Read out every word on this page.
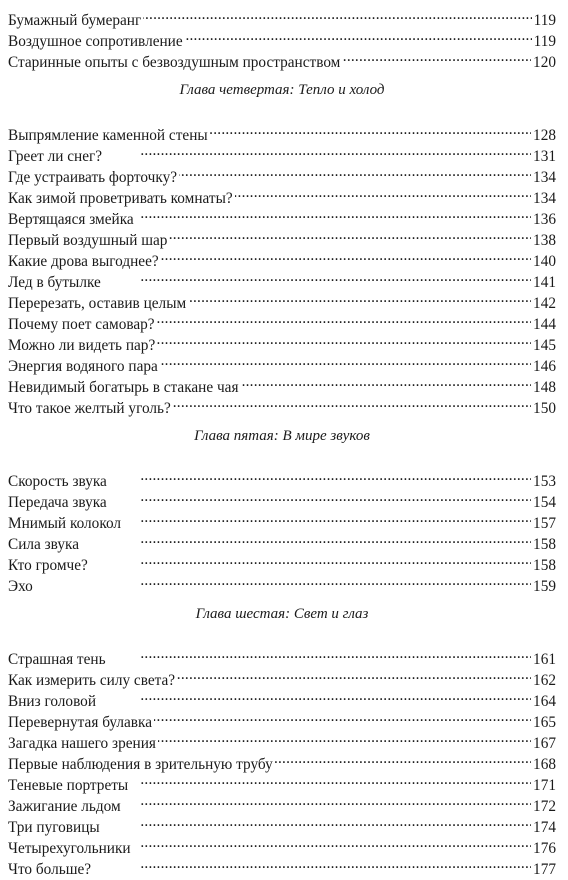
Бумажный бумеранг . . .	119
Воздушное сопротивление . . .	119
Старинные опыты с безвоздушным пространством . . .	120
Глава четвертая: Тепло и холод
Выпрямление каменной стены . . .	128
Греет ли снег? . . .	131
Где устраивать форточку? . . .	134
Как зимой проветривать комнаты? . . .	134
Вертящаяся змейка . . .	136
Первый воздушный шар . . .	138
Какие дрова выгоднее? . . .	140
Лед в бутылке . . .	141
Перерезать, оставив целым . . .	142
Почему поет самовар? . . .	144
Можно ли видеть пар? . . .	145
Энергия водяного пара . . .	146
Невидимый богатырь в стакане чая . . .	148
Что такое желтый уголь? . . .	150
Глава пятая: В мире звуков
Скорость звука . . .	153
Передача звука . . .	154
Мнимый колокол . . .	157
Сила звука . . .	158
Кто громче? . . .	158
Эхо . . .	159
Глава шестая: Свет и глаз
Страшная тень . . .	161
Как измерить силу света? . . .	162
Вниз головой . . .	164
Перевернутая булавка . . .	165
Загадка нашего зрения . . .	167
Первые наблюдения в зрительную трубу . . .	168
Теневые портреты . . .	171
Зажигание льдом . . .	172
Три пуговицы . . .	174
Четырехугольники . . .	176
Что больше? . . .	177
